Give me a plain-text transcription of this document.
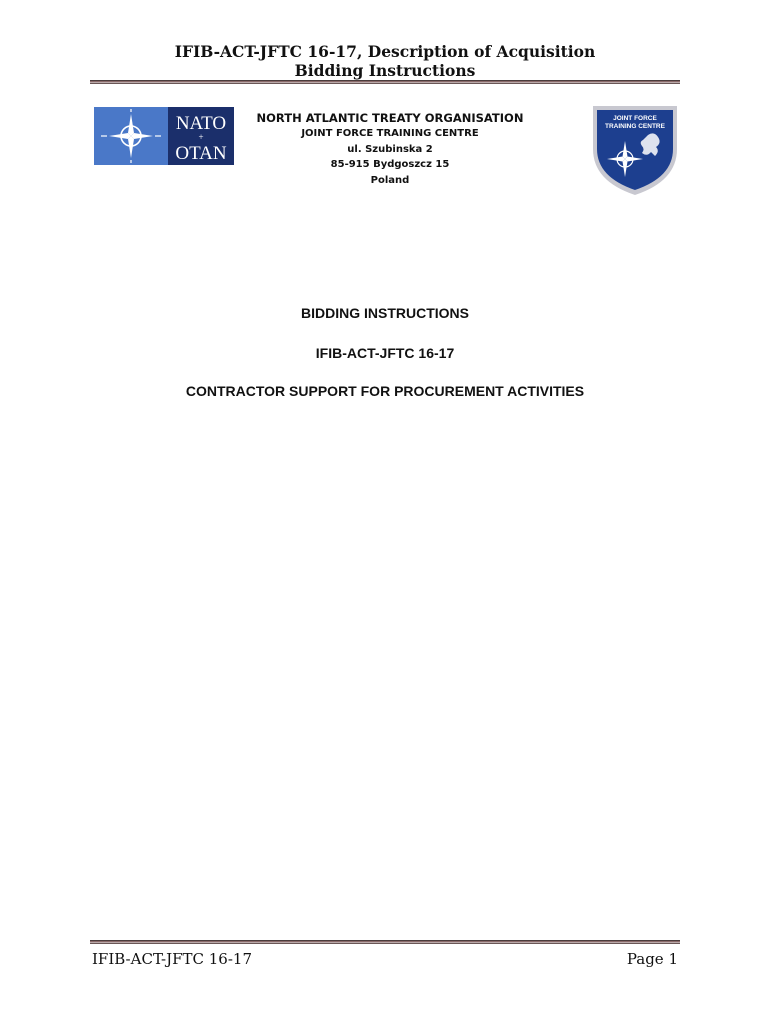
IFIB-ACT-JFTC 16-17, Description of Acquisition
Bidding Instructions
NATO
+
OTAN
NORTH ATLANTIC TREATY ORGANISATION
JOINT FORCE TRAINING CENTRE
ul. Szubinska 2
85-915 Bydgoszcz 15
Poland
JOINT FORCE
TRAINING CENTRE
BIDDING INSTRUCTIONS
IFIB-ACT-JFTC 16-17
CONTRACTOR SUPPORT FOR PROCUREMENT ACTIVITIES
IFIB-ACT-JFTC 16-17	Page 1
